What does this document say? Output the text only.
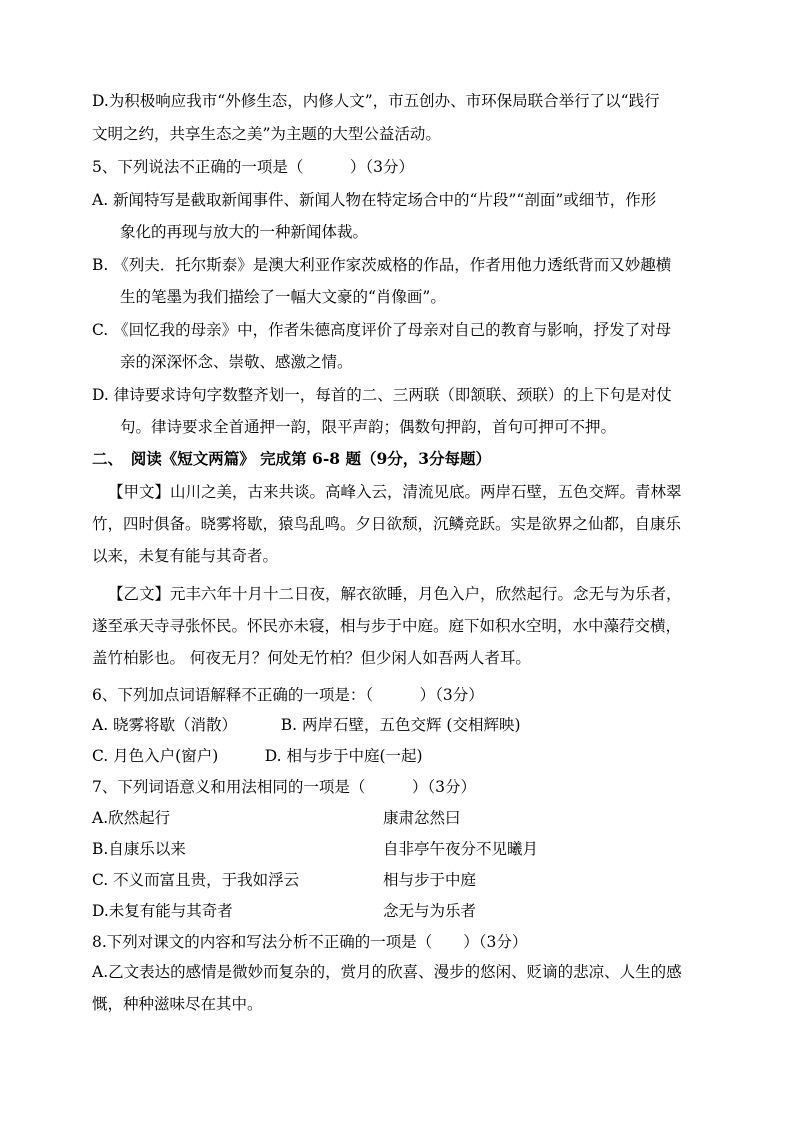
D.为积极响应我市“外修生态，内修人文”，市五创办、市环保局联合举行了以“践行
文明之约，共享生态之美”为主题的大型公益活动。
5、下列说法不正确的一项是（　　　）（3分）
A. 新闻特写是截取新闻事件、新闻人物在特定场合中的“片段”“剖面”或细节，作形
象化的再现与放大的一种新闻体裁。
B. 《列夫．托尔斯泰》是澳大利亚作家茨威格的作品，作者用他力透纸背而又妙趣横
生的笔墨为我们描绘了一幅大文豪的“肖像画”。
C. 《回忆我的母亲》中，作者朱德高度评价了母亲对自己的教育与影响，抒发了对母
亲的深深怀念、崇敬、感激之情。
D. 律诗要求诗句字数整齐划一，每首的二、三两联（即颔联、颈联）的上下句是对仗
句。律诗要求全首通押一韵，限平声韵；偶数句押韵，首句可押可不押。
二、　阅读《短文两篇》 完成第 6-8 题（9分，3分每题）
【甲文】山川之美，古来共谈。高峰入云，清流见底。两岸石壁，五色交辉。青林翠
竹，四时俱备。晓雾将歇，猿鸟乱鸣。夕日欲颓，沉鳞竞跃。实是欲界之仙都，自康乐
以来，未复有能与其奇者。
【乙文】元丰六年十月十二日夜，解衣欲睡，月色入户，欣然起行。念无与为乐者，
遂至承天寺寻张怀民。怀民亦未寝，相与步于中庭。庭下如积水空明，水中藻荇交横，
盖竹柏影也。 何夜无月？何处无竹柏？但少闲人如吾两人者耳。
6、下列加点词语解释不正确的一项是：（　　　）（3分）
A. 晓雾将歇（消散）　　　 B. 两岸石壁，五色交辉 (交相辉映)
C. 月色入户(窗户)　　　D. 相与步于中庭(一起)
7、下列词语意义和用法相同的一项是（　　　）（3分）
A.欣然起行	康肃忿然曰
B.自康乐以来	自非亭午夜分不见曦月
C. 不义而富且贵，于我如浮云	相与步于中庭
D.未复有能与其奇者	念无与为乐者
8.下列对课文的内容和写法分析不正确的一项是（　　）（3分）
A.乙文表达的感情是微妙而复杂的，赏月的欣喜、漫步的悠闲、贬谪的悲凉、人生的感
慨，种种滋味尽在其中。
